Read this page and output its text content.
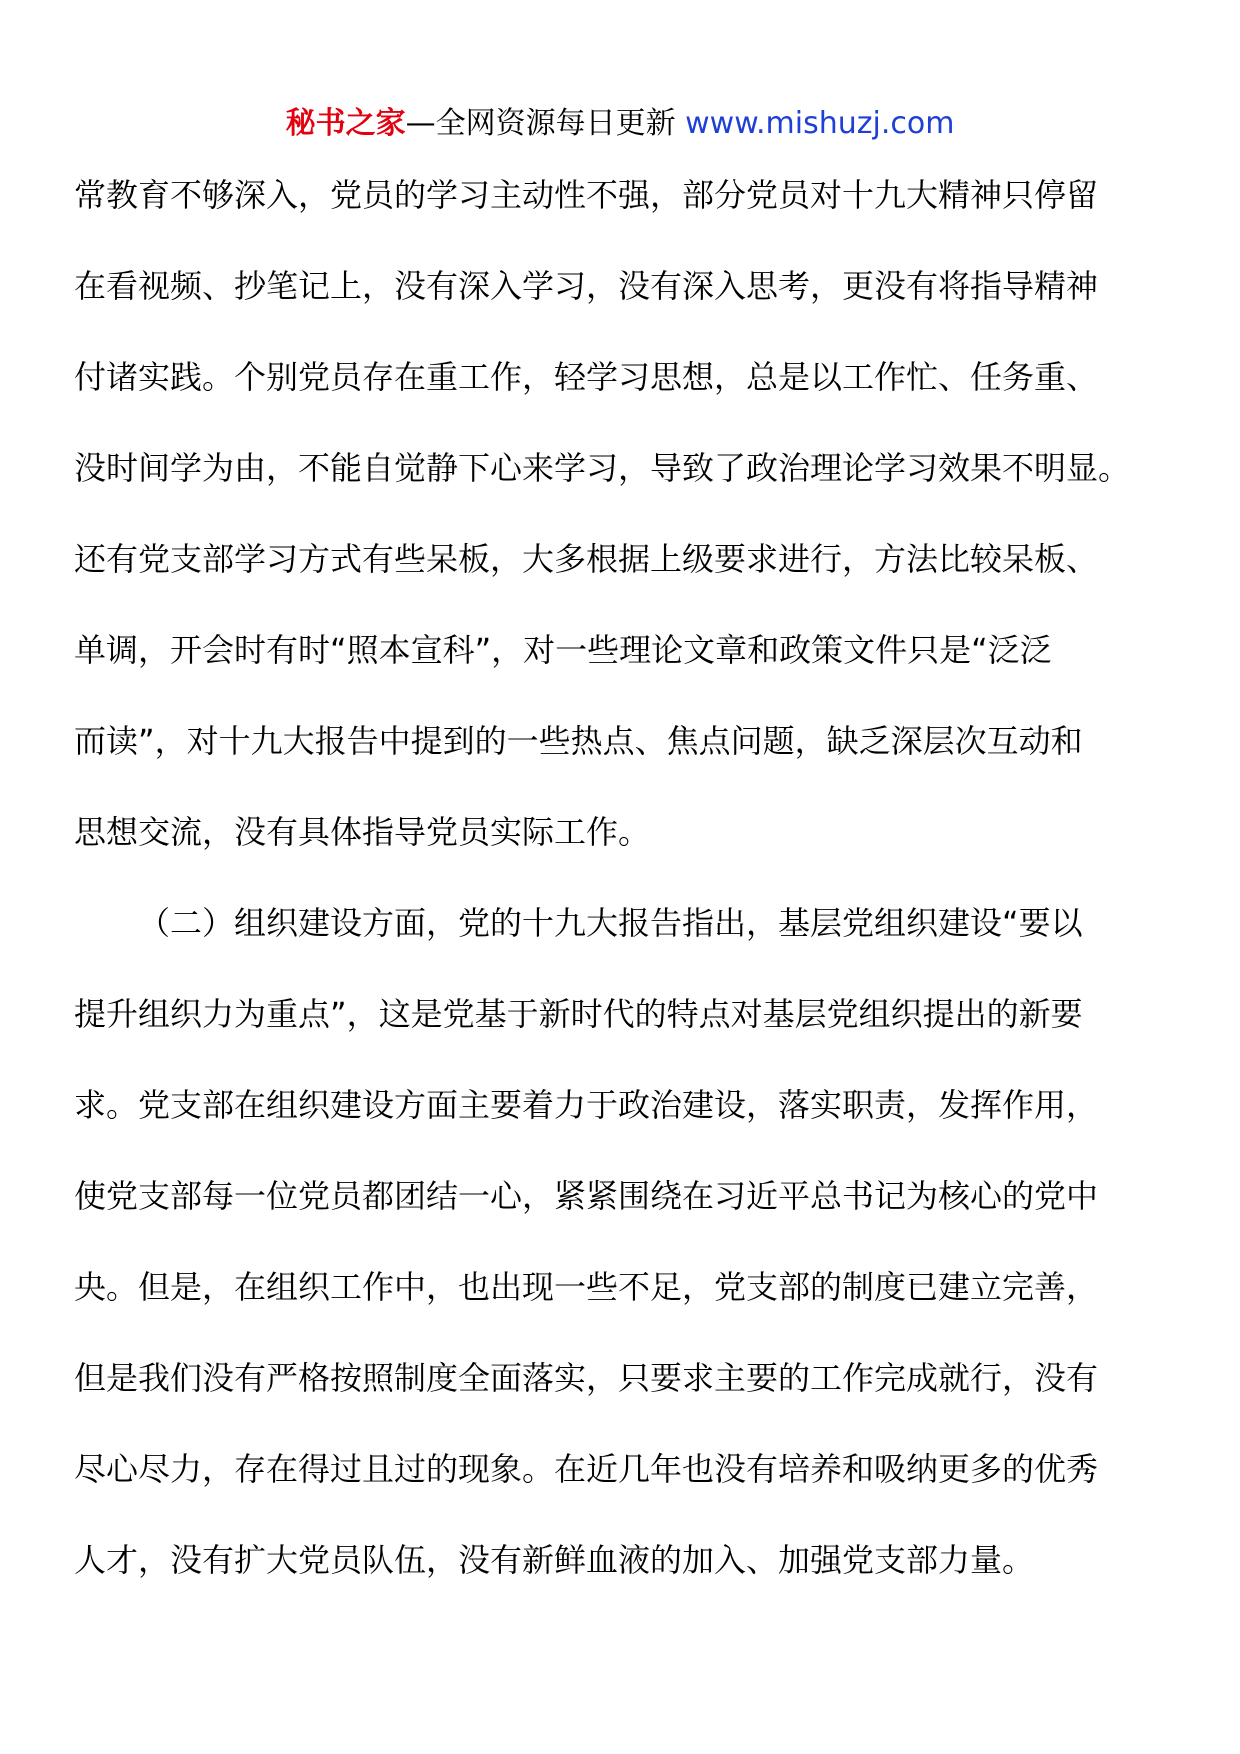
秘书之家—全网资源每日更新 www.mishuzj.com
常教育不够深入，党员的学习主动性不强，部分党员对十九大精神只停留
在看视频、抄笔记上，没有深入学习，没有深入思考，更没有将指导精神
付诸实践。个别党员存在重工作，轻学习思想，总是以工作忙、任务重、
没时间学为由，不能自觉静下心来学习，导致了政治理论学习效果不明显。
还有党支部学习方式有些呆板，大多根据上级要求进行，方法比较呆板、
单调，开会时有时“照本宣科”，对一些理论文章和政策文件只是“泛泛
而读”，对十九大报告中提到的一些热点、焦点问题，缺乏深层次互动和
思想交流，没有具体指导党员实际工作。
（二）组织建设方面，党的十九大报告指出，基层党组织建设“要以
提升组织力为重点”，这是党基于新时代的特点对基层党组织提出的新要
求。党支部在组织建设方面主要着力于政治建设，落实职责，发挥作用，
使党支部每一位党员都团结一心，紧紧围绕在习近平总书记为核心的党中
央。但是，在组织工作中，也出现一些不足，党支部的制度已建立完善，
但是我们没有严格按照制度全面落实，只要求主要的工作完成就行，没有
尽心尽力，存在得过且过的现象。在近几年也没有培养和吸纳更多的优秀
人才，没有扩大党员队伍，没有新鲜血液的加入、加强党支部力量。
